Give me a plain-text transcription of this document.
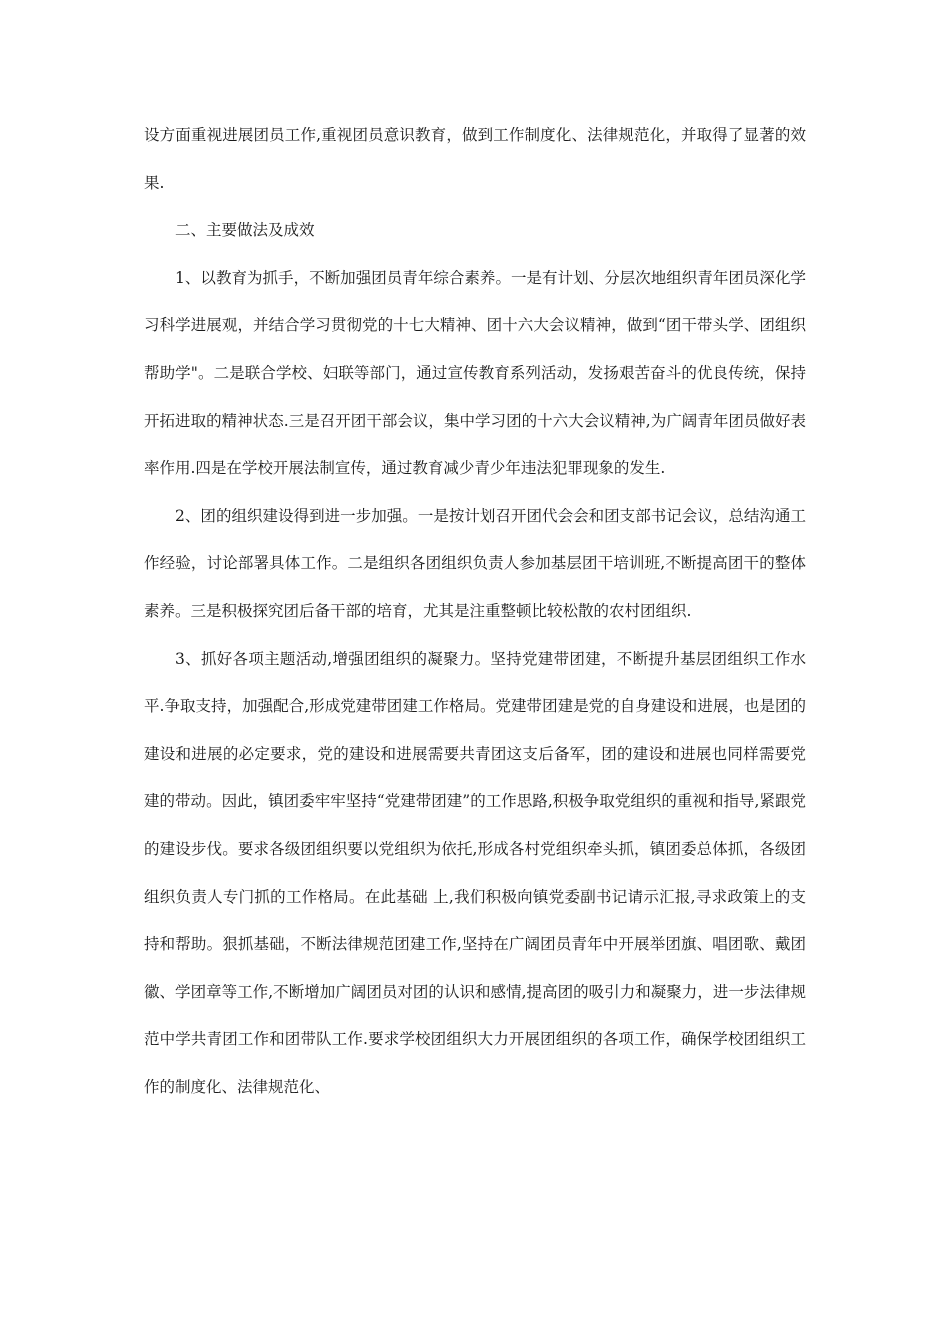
设方面重视进展团员工作,重视团员意识教育，做到工作制度化、法律规范化，并取得了显著的效果.

二、主要做法及成效

1、以教育为抓手，不断加强团员青年综合素养。一是有计划、分层次地组织青年团员深化学习科学进展观，并结合学习贯彻党的十七大精神、团十六大会议精神，做到“团干带头学、团组织帮助学"。二是联合学校、妇联等部门，通过宣传教育系列活动，发扬艰苦奋斗的优良传统，保持开拓进取的精神状态.三是召开团干部会议，集中学习团的十六大会议精神,为广阔青年团员做好表率作用.四是在学校开展法制宣传，通过教育减少青少年违法犯罪现象的发生.

2、团的组织建设得到进一步加强。一是按计划召开团代会会和团支部书记会议，总结沟通工作经验，讨论部署具体工作。二是组织各团组织负责人参加基层团干培训班,不断提高团干的整体素养。三是积极探究团后备干部的培育，尤其是注重整顿比较松散的农村团组织.

3、抓好各项主题活动,增强团组织的凝聚力。坚持党建带团建，不断提升基层团组织工作水平.争取支持，加强配合,形成党建带团建工作格局。党建带团建是党的自身建设和进展，也是团的建设和进展的必定要求，党的建设和进展需要共青团这支后备军，团的建设和进展也同样需要党建的带动。因此，镇团委牢牢坚持“党建带团建”的工作思路,积极争取党组织的重视和指导,紧跟党的建设步伐。要求各级团组织要以党组织为依托,形成各村党组织牵头抓，镇团委总体抓，各级团组织负责人专门抓的工作格局。在此基础 上,我们积极向镇党委副书记请示汇报,寻求政策上的支持和帮助。狠抓基础，不断法律规范团建工作,坚持在广阔团员青年中开展举团旗、唱团歌、戴团徽、学团章等工作,不断增加广阔团员对团的认识和感情,提高团的吸引力和凝聚力，进一步法律规范中学共青团工作和团带队工作.要求学校团组织大力开展团组织的各项工作，确保学校团组织工作的制度化、法律规范化、
